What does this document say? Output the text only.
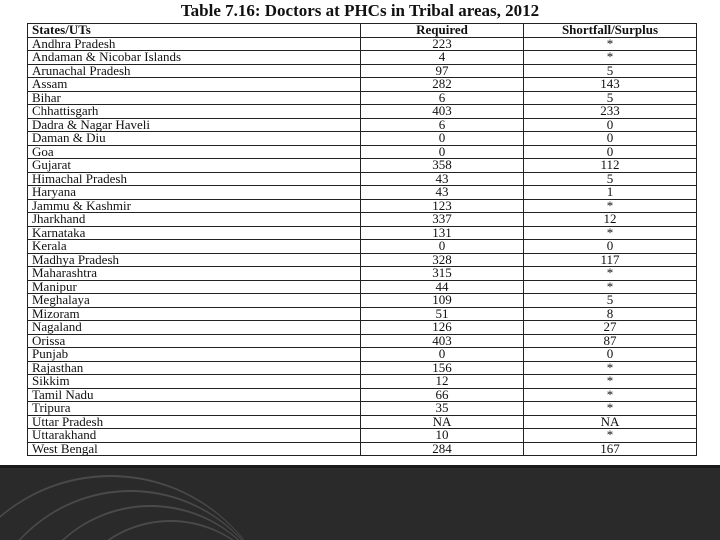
Table 7.16: Doctors at PHCs in Tribal areas, 2012
States/UTs	Required	Shortfall/Surplus
Andhra Pradesh	223	*
Andaman & Nicobar Islands	4	*
Arunachal Pradesh	97	5
Assam	282	143
Bihar	6	5
Chhattisgarh	403	233
Dadra & Nagar Haveli	6	0
Daman & Diu	0	0
Goa	0	0
Gujarat	358	112
Himachal Pradesh	43	5
Haryana	43	1
Jammu & Kashmir	123	*
Jharkhand	337	12
Karnataka	131	*
Kerala	0	0
Madhya Pradesh	328	117
Maharashtra	315	*
Manipur	44	*
Meghalaya	109	5
Mizoram	51	8
Nagaland	126	27
Orissa	403	87
Punjab	0	0
Rajasthan	156	*
Sikkim	12	*
Tamil Nadu	66	*
Tripura	35	*
Uttar Pradesh	NA	NA
Uttarakhand	10	*
West Bengal	284	167
